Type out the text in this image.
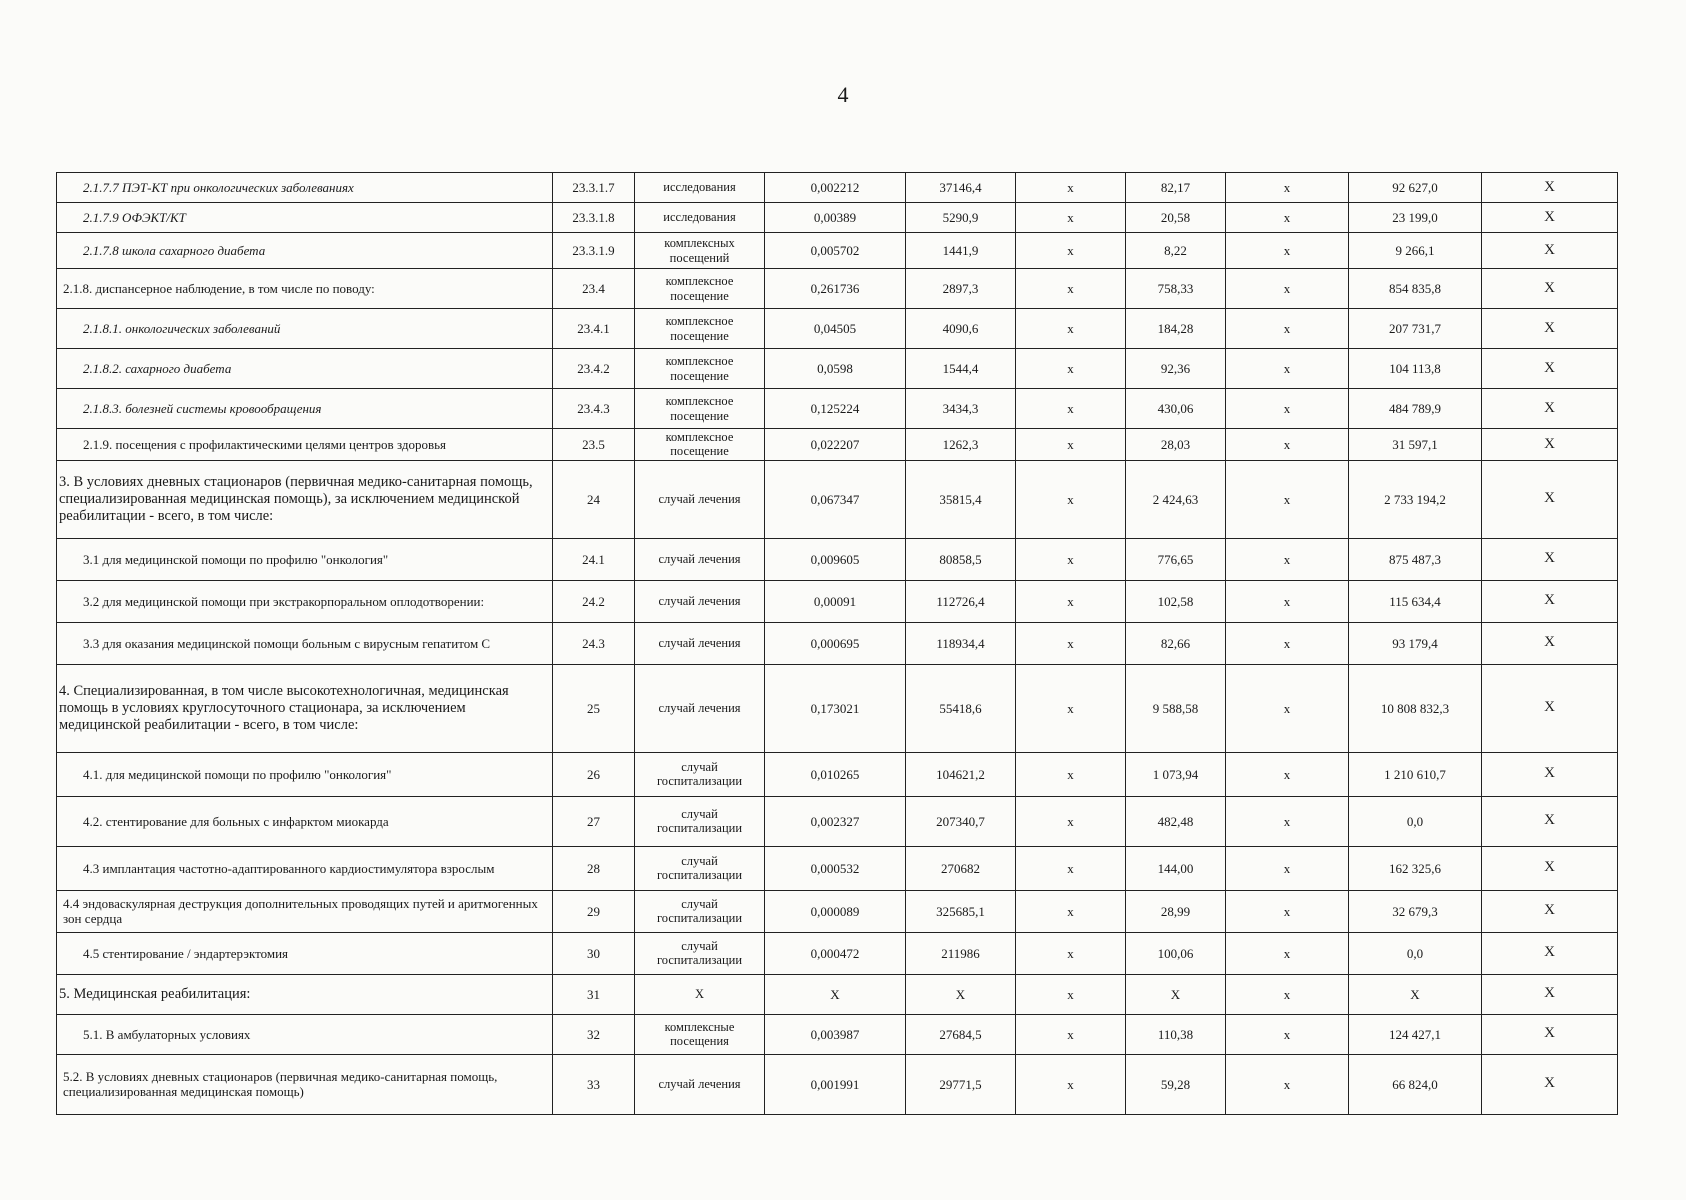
4
2.1.7.7 ПЭТ-КТ при онкологических заболеваниях	23.3.1.7	исследования	0,002212	37146,4	х	82,17	х	92 627,0	Х
2.1.7.9 ОФЭКТ/КТ	23.3.1.8	исследования	0,00389	5290,9	х	20,58	х	23 199,0	Х
2.1.7.8 школа сахарного диабета	23.3.1.9	комплексных посещений	0,005702	1441,9	х	8,22	х	9 266,1	Х
2.1.8. диспансерное наблюдение, в том числе по поводу:	23.4	комплексное посещение	0,261736	2897,3	х	758,33	х	854 835,8	Х
2.1.8.1. онкологических заболеваний	23.4.1	комплексное посещение	0,04505	4090,6	х	184,28	х	207 731,7	Х
2.1.8.2. сахарного диабета	23.4.2	комплексное посещение	0,0598	1544,4	х	92,36	х	104 113,8	Х
2.1.8.3. болезней системы кровообращения	23.4.3	комплексное посещение	0,125224	3434,3	х	430,06	х	484 789,9	Х
2.1.9. посещения с профилактическими целями центров здоровья	23.5	комплексное посещение	0,022207	1262,3	х	28,03	х	31 597,1	Х
3. В условиях дневных стационаров (первичная медико-санитарная помощь, специализированная медицинская помощь), за исключением медицинской реабилитации - всего, в том числе:	24	случай лечения	0,067347	35815,4	х	2 424,63	х	2 733 194,2	Х
3.1 для медицинской помощи по профилю "онкология"	24.1	случай лечения	0,009605	80858,5	х	776,65	х	875 487,3	Х
3.2 для медицинской помощи при экстракорпоральном оплодотворении:	24.2	случай лечения	0,00091	112726,4	х	102,58	х	115 634,4	Х
3.3 для оказания медицинской помощи больным с вирусным гепатитом С	24.3	случай лечения	0,000695	118934,4	х	82,66	х	93 179,4	Х
4. Специализированная, в том числе высокотехнологичная, медицинская помощь в условиях круглосуточного стационара, за исключением медицинской реабилитации - всего, в том числе:	25	случай лечения	0,173021	55418,6	х	9 588,58	х	10 808 832,3	Х
4.1. для медицинской помощи по профилю "онкология"	26	случай госпитализации	0,010265	104621,2	х	1 073,94	х	1 210 610,7	Х
4.2. стентирование для больных с инфарктом миокарда	27	случай госпитализации	0,002327	207340,7	х	482,48	х	0,0	Х
4.3 имплантация частотно-адаптированного кардиостимулятора взрослым	28	случай госпитализации	0,000532	270682	х	144,00	х	162 325,6	Х
4.4 эндоваскулярная деструкция дополнительных проводящих путей и аритмогенных зон сердца	29	случай госпитализации	0,000089	325685,1	х	28,99	х	32 679,3	Х
4.5 стентирование / эндартерэктомия	30	случай госпитализации	0,000472	211986	х	100,06	х	0,0	Х
5. Медицинская реабилитация:	31	Х	Х	Х	х	Х	х	Х	Х
5.1. В амбулаторных условиях	32	комплексные посещения	0,003987	27684,5	х	110,38	х	124 427,1	Х
5.2. В условиях дневных стационаров (первичная медико-санитарная помощь, специализированная медицинская помощь)	33	случай лечения	0,001991	29771,5	х	59,28	х	66 824,0	Х
